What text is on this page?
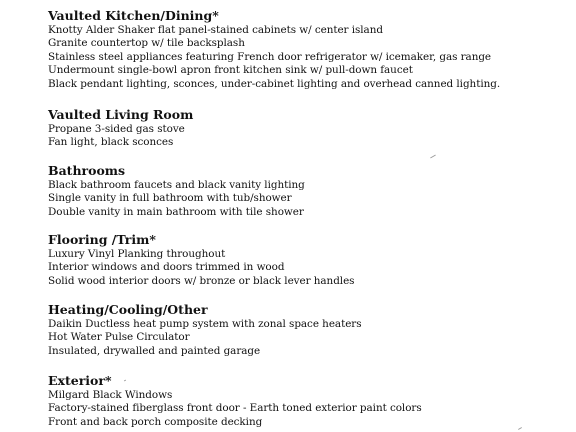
Vaulted Kitchen/Dining*
Knotty Alder Shaker flat panel-stained cabinets w/ center island
Granite countertop w/ tile backsplash
Stainless steel appliances featuring French door refrigerator w/ icemaker, gas range
Undermount single-bowl apron front kitchen sink w/ pull-down faucet
Black pendant lighting, sconces, under-cabinet lighting and overhead canned lighting.
Vaulted Living Room
Propane 3-sided gas stove
Fan light, black sconces
Bathrooms
Black bathroom faucets and black vanity lighting
Single vanity in full bathroom with tub/shower
Double vanity in main bathroom with tile shower
Flooring /Trim*
Luxury Vinyl Planking throughout
Interior windows and doors trimmed in wood
Solid wood interior doors w/ bronze or black lever handles
Heating/Cooling/Other
Daikin Ductless heat pump system with zonal space heaters
Hot Water Pulse Circulator
Insulated, drywalled and painted garage
Exterior*
Milgard Black Windows
Factory-stained fiberglass front door - Earth toned exterior paint colors
Front and back porch composite decking
